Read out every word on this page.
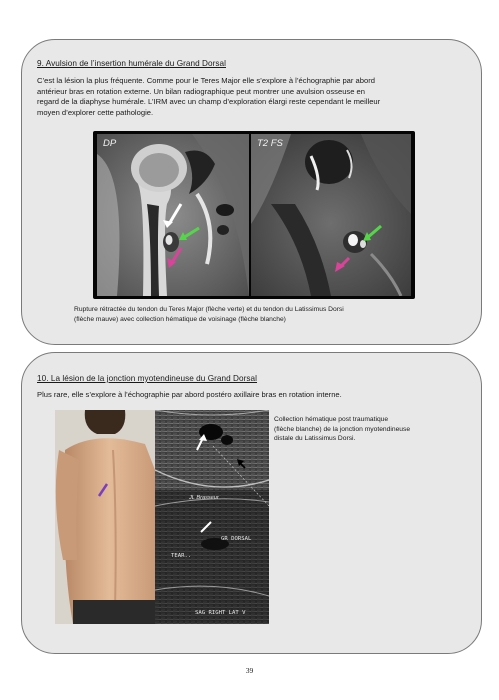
9. Avulsion de l’insertion humérale du Grand Dorsal
C’est la lésion la plus fréquente. Comme pour le Teres Major elle s’explore à l’échographie par abord
antérieur bras en rotation externe. Un bilan radiographique peut montrer une avulsion osseuse en
regard de la diaphyse humérale. L’IRM avec un champ d’exploration élargi reste cependant le meilleur
moyen d’explorer cette pathologie.
DP	T2 FS
Rupture rétractée du tendon du Teres Major (flèche verte) et du tendon du Latissimus Dorsi
(flèche mauve) avec collection hématique de voisinage (flèche blanche)
10. La lésion de la jonction myotendineuse du Grand Dorsal
Plus rare, elle s’explore à l’échographie par abord postéro axillaire bras en rotation interne.
JL Brasseur
GR DORSAL
TEAR..
SAG RIGHT LAT V
Collection hématique post traumatique
(flèche blanche) de la jonction myotendineuse
distale du Latissimus Dorsi.
39
